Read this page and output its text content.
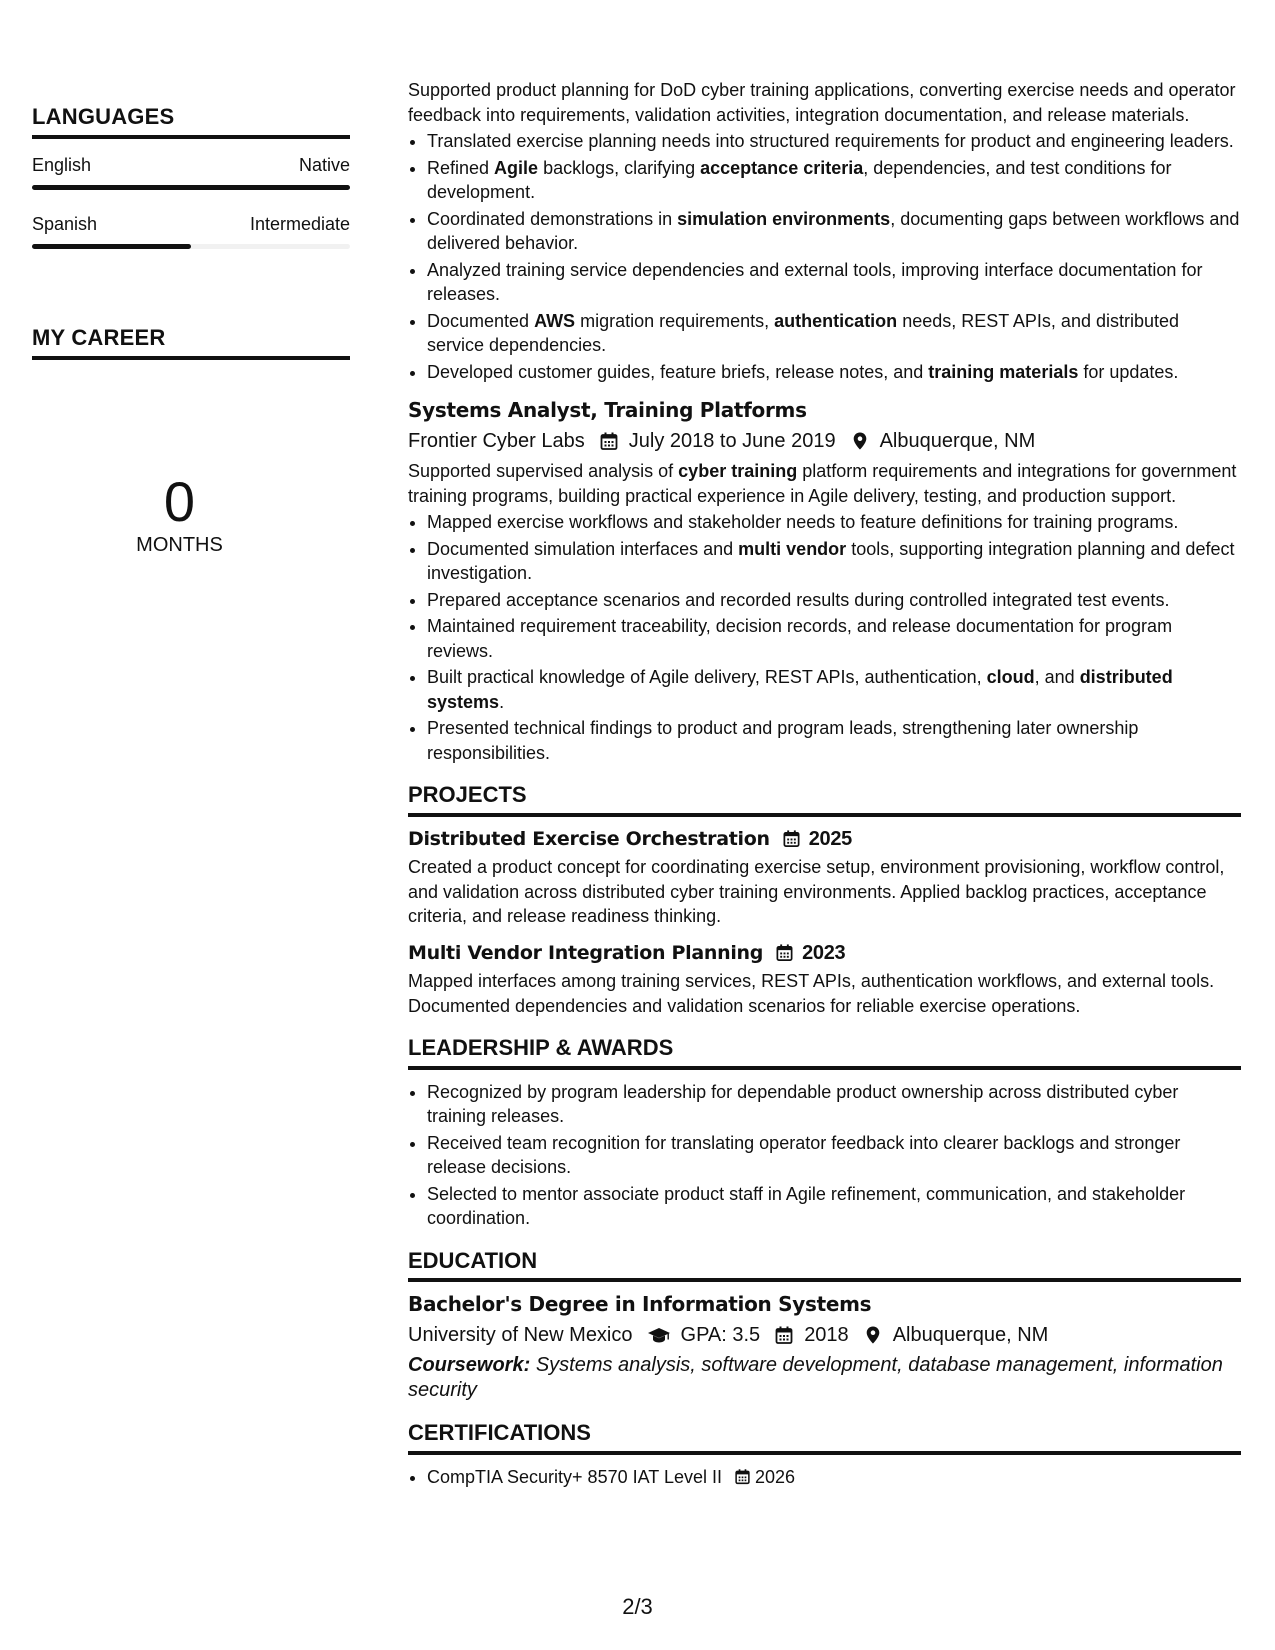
LANGUAGES
English	Native
Spanish	Intermediate
MY CAREER
0
MONTHS

Supported product planning for DoD cyber training applications, converting exercise needs and operator feedback into requirements, validation activities, integration documentation, and release materials.

• Translated exercise planning needs into structured requirements for product and engineering leaders.
• Refined Agile backlogs, clarifying acceptance criteria, dependencies, and test conditions for development.
• Coordinated demonstrations in simulation environments, documenting gaps between workflows and delivered behavior.
• Analyzed training service dependencies and external tools, improving interface documentation for releases.
• Documented AWS migration requirements, authentication needs, REST APIs, and distributed service dependencies.
• Developed customer guides, feature briefs, release notes, and training materials for updates.
Systems Analyst, Training Platforms
Frontier Cyber Labs July 2018 to June 2019 Albuquerque, NM

Supported supervised analysis of cyber training platform requirements and integrations for government training programs, building practical experience in Agile delivery, testing, and production support.

• Mapped exercise workflows and stakeholder needs to feature definitions for training programs.
• Documented simulation interfaces and multi vendor tools, supporting integration planning and defect investigation.
• Prepared acceptance scenarios and recorded results during controlled integrated test events.
• Maintained requirement traceability, decision records, and release documentation for program reviews.
• Built practical knowledge of Agile delivery, REST APIs, authentication, cloud, and distributed systems.
• Presented technical findings to product and program leads, strengthening later ownership responsibilities.
PROJECTS
Distributed Exercise Orchestration 2025

Created a product concept for coordinating exercise setup, environment provisioning, workflow control, and validation across distributed cyber training environments. Applied backlog practices, acceptance criteria, and release readiness thinking.

Multi Vendor Integration Planning 2023

Mapped interfaces among training services, REST APIs, authentication workflows, and external tools. Documented dependencies and validation scenarios for reliable exercise operations.

LEADERSHIP & AWARDS
• Recognized by program leadership for dependable product ownership across distributed cyber training releases.
• Received team recognition for translating operator feedback into clearer backlogs and stronger release decisions.
• Selected to mentor associate product staff in Agile refinement, communication, and stakeholder coordination.
EDUCATION
Bachelor's Degree in Information Systems
University of New Mexico GPA: 3.5 2018 Albuquerque, NM
Coursework: Systems analysis, software development, database management, information security
CERTIFICATIONS
• CompTIA Security+ 8570 IAT Level II 2026
2/3
